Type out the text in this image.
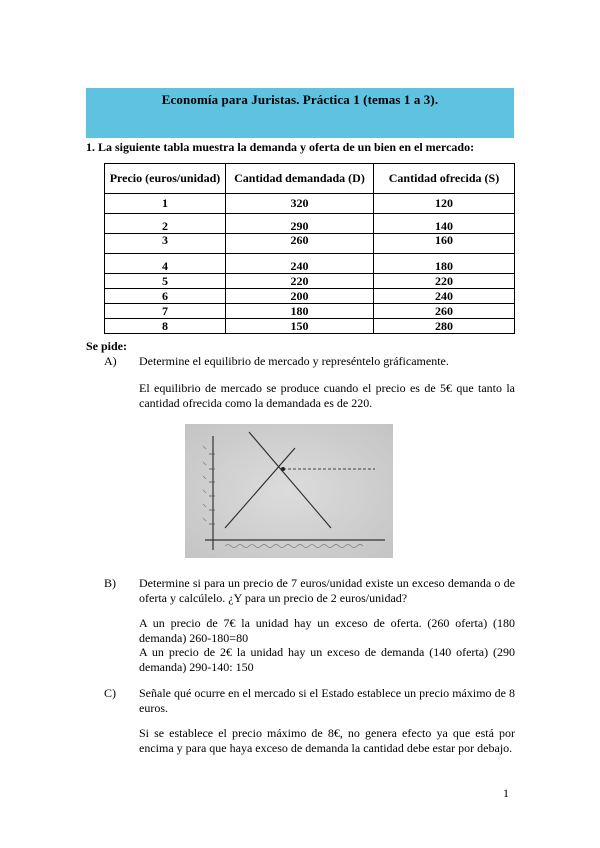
Economía para Juristas. Práctica 1 (temas 1 a 3).
1. La siguiente tabla muestra la demanda y oferta de un bien en el mercado:
Precio (euros/unidad)	Cantidad demandada (D)	Cantidad ofrecida (S)
1	320	120
2	290	140
3	260	160
4	240	180
5	220	220
6	200	240
7	180	260
8	150	280
Se pide:
A) Determine el equilibrio de mercado y represéntelo gráficamente.
El equilibrio de mercado se produce cuando el precio es de 5€ que tanto la cantidad ofrecida como la demandada es de 220.
B) Determine si para un precio de 7 euros/unidad existe un exceso demanda o de oferta y calcúlelo. ¿Y para un precio de 2 euros/unidad?
A un precio de 7€ la unidad hay un exceso de oferta. (260 oferta) (180 demanda) 260-180=80
A un precio de 2€ la unidad hay un exceso de demanda (140 oferta) (290 demanda) 290-140: 150
C) Señale qué ocurre en el mercado si el Estado establece un precio máximo de 8 euros.
Si se establece el precio máximo de 8€, no genera efecto ya que está por encima y para que haya exceso de demanda la cantidad debe estar por debajo.
1
